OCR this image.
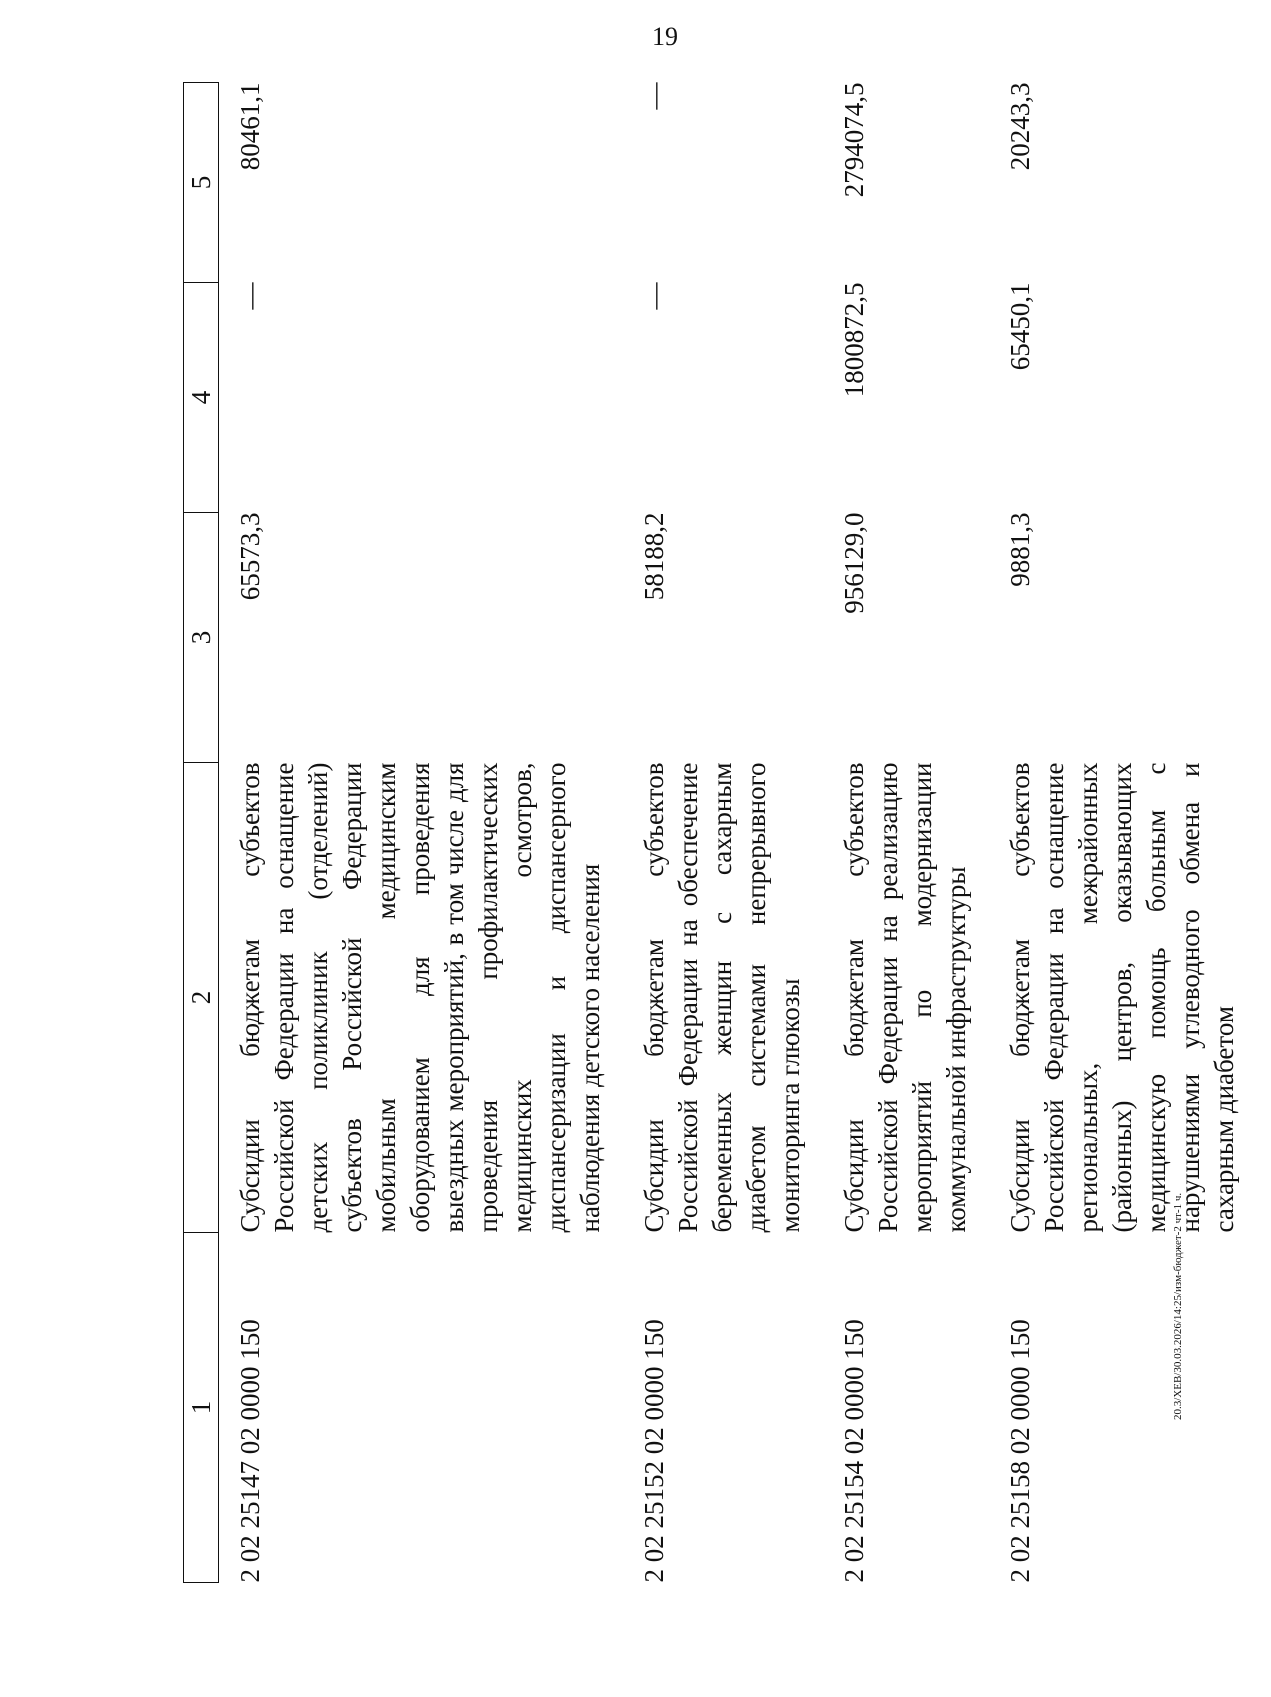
19
20.3/XEB/30.03.2026/14:25/изм-бюджет-2 чт-1 ч.
1	2	3	4	5
2 02 25147 02 0000 150	Субсидии бюджетам субъектов Российской Федерации на оснащение детских поликлиник (отделений) субъектов Российской Федерации мобильным медицинским оборудованием для проведения выездных мероприятий, в том числе для проведения профилактических медицинских осмотров, диспансеризации и диспансерного наблюдения детского населения	65573,3	—	80461,1
2 02 25152 02 0000 150	Субсидии бюджетам субъектов Российской Федерации на обеспечение беременных женщин с сахарным диабетом системами непрерывного мониторинга глюкозы	58188,2	—	—
2 02 25154 02 0000 150	Субсидии бюджетам субъектов Российской Федерации на реализацию мероприятий по модернизации коммунальной инфраструктуры	956129,0	1800872,5	2794074,5
2 02 25158 02 0000 150	Субсидии бюджетам субъектов Российской Федерации на оснащение региональных, межрайонных (районных) центров, оказывающих медицинскую помощь больным с нарушениями углеводного обмена и сахарным диабетом	9881,3	65450,1	20243,3
